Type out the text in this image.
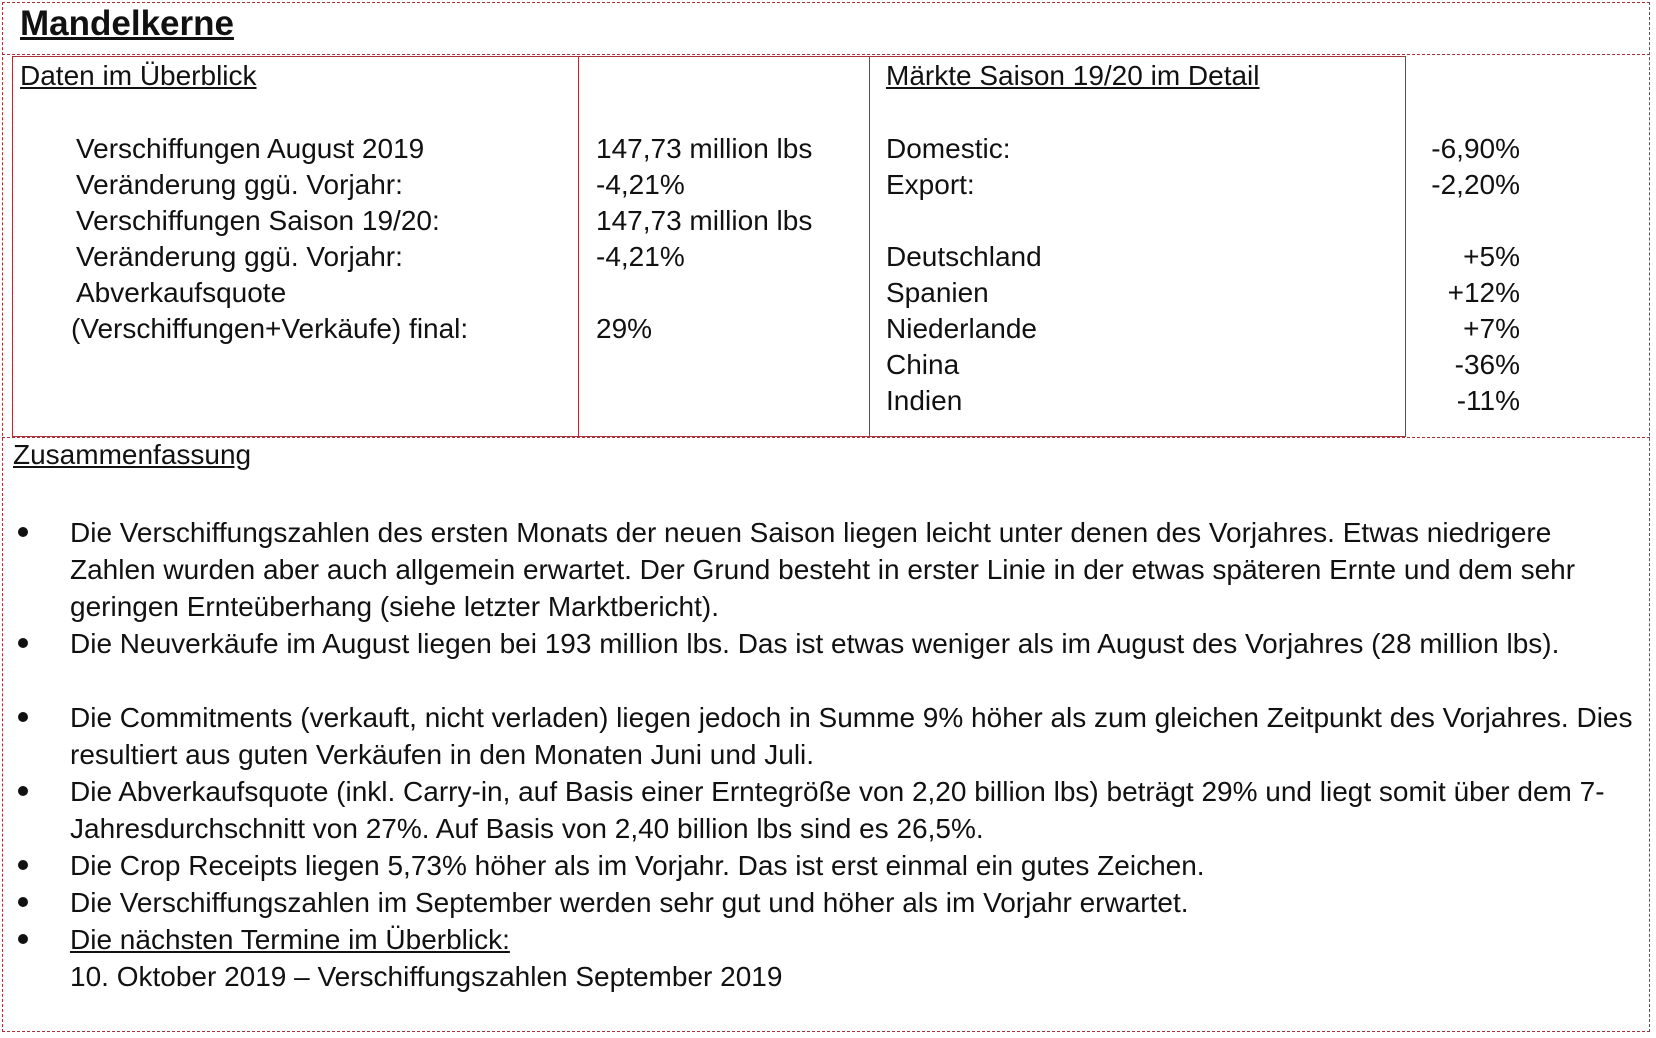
Mandelkerne
Daten im Überblick	Märkte Saison 19/20 im Detail
Verschiffungen August 2019	147,73 million lbs
Veränderung ggü. Vorjahr:	-4,21%
Verschiffungen Saison 19/20:	147,73 million lbs
Veränderung ggü. Vorjahr:	-4,21%
Abverkaufsquote
(Verschiffungen+Verkäufe) final:	29%
Domestic:	-6,90%
Export:	-2,20%
Deutschland	+5%
Spanien	+12%
Niederlande	+7%
China	-36%
Indien	-11%
Zusammenfassung
Die Verschiffungszahlen des ersten Monats der neuen Saison liegen leicht unter denen des Vorjahres. Etwas niedrigere Zahlen wurden aber auch allgemein erwartet. Der Grund besteht in erster Linie in der etwas späteren Ernte und dem sehr geringen Ernteüberhang (siehe letzter Marktbericht).
Die Neuverkäufe im August liegen bei 193 million lbs. Das ist etwas weniger als im August des Vorjahres (28 million lbs).
Die Commitments (verkauft, nicht verladen) liegen jedoch in Summe 9% höher als zum gleichen Zeitpunkt des Vorjahres. Dies resultiert aus guten Verkäufen in den Monaten Juni und Juli.
Die Abverkaufsquote (inkl. Carry-in, auf Basis einer Erntegröße von 2,20 billion lbs) beträgt 29% und liegt somit über dem 7-Jahresdurchschnitt von 27%. Auf Basis von 2,40 billion lbs sind es 26,5%.
Die Crop Receipts liegen 5,73% höher als im Vorjahr. Das ist erst einmal ein gutes Zeichen.
Die Verschiffungszahlen im September werden sehr gut und höher als im Vorjahr erwartet.
Die nächsten Termine im Überblick:
10. Oktober 2019 – Verschiffungszahlen September 2019
